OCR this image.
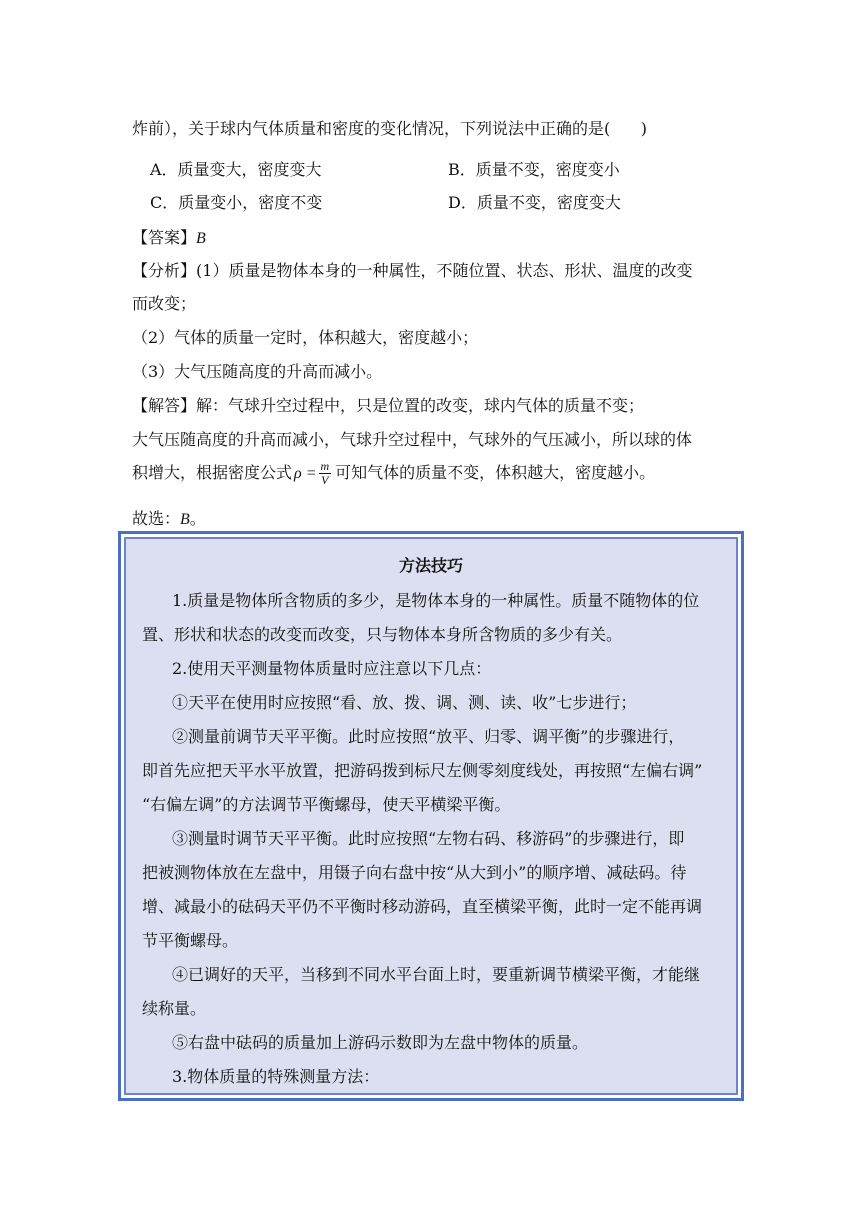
炸前），关于球内气体质量和密度的变化情况，下列说法中正确的是(      )
A．质量变大，密度变大	B．质量不变，密度变小
C．质量变小，密度不变	D．质量不变，密度变大
【答案】B
【分析】(1）质量是物体本身的一种属性，不随位置、状态、形状、温度的改变
而改变；
（2）气体的质量一定时，体积越大，密度越小；
（3）大气压随高度的升高而减小。
【解答】解：气球升空过程中，只是位置的改变，球内气体的质量不变；
大气压随高度的升高而减小，气球升空过程中，气球外的气压减小，所以球的体
积增大，根据密度公式 $\rho = \frac{m}{V}$ 可知气体的质量不变，体积越大，密度越小。
故选：B。
方法技巧
1.质量是物体所含物质的多少，是物体本身的一种属性。质量不随物体的位
置、形状和状态的改变而改变，只与物体本身所含物质的多少有关。
2.使用天平测量物体质量时应注意以下几点：
①天平在使用时应按照“看、放、拨、调、测、读、收”七步进行；
②测量前调节天平平衡。此时应按照“放平、归零、调平衡”的步骤进行，
即首先应把天平水平放置，把游码拨到标尺左侧零刻度线处，再按照“左偏右调”
“右偏左调”的方法调节平衡螺母，使天平横梁平衡。
③测量时调节天平平衡。此时应按照“左物右码、移游码”的步骤进行，即
把被测物体放在左盘中，用镊子向右盘中按“从大到小”的顺序增、减砝码。待
增、减最小的砝码天平仍不平衡时移动游码，直至横梁平衡，此时一定不能再调
节平衡螺母。
④已调好的天平，当移到不同水平台面上时，要重新调节横梁平衡，才能继
续称量。
⑤右盘中砝码的质量加上游码示数即为左盘中物体的质量。
3.物体质量的特殊测量方法：
